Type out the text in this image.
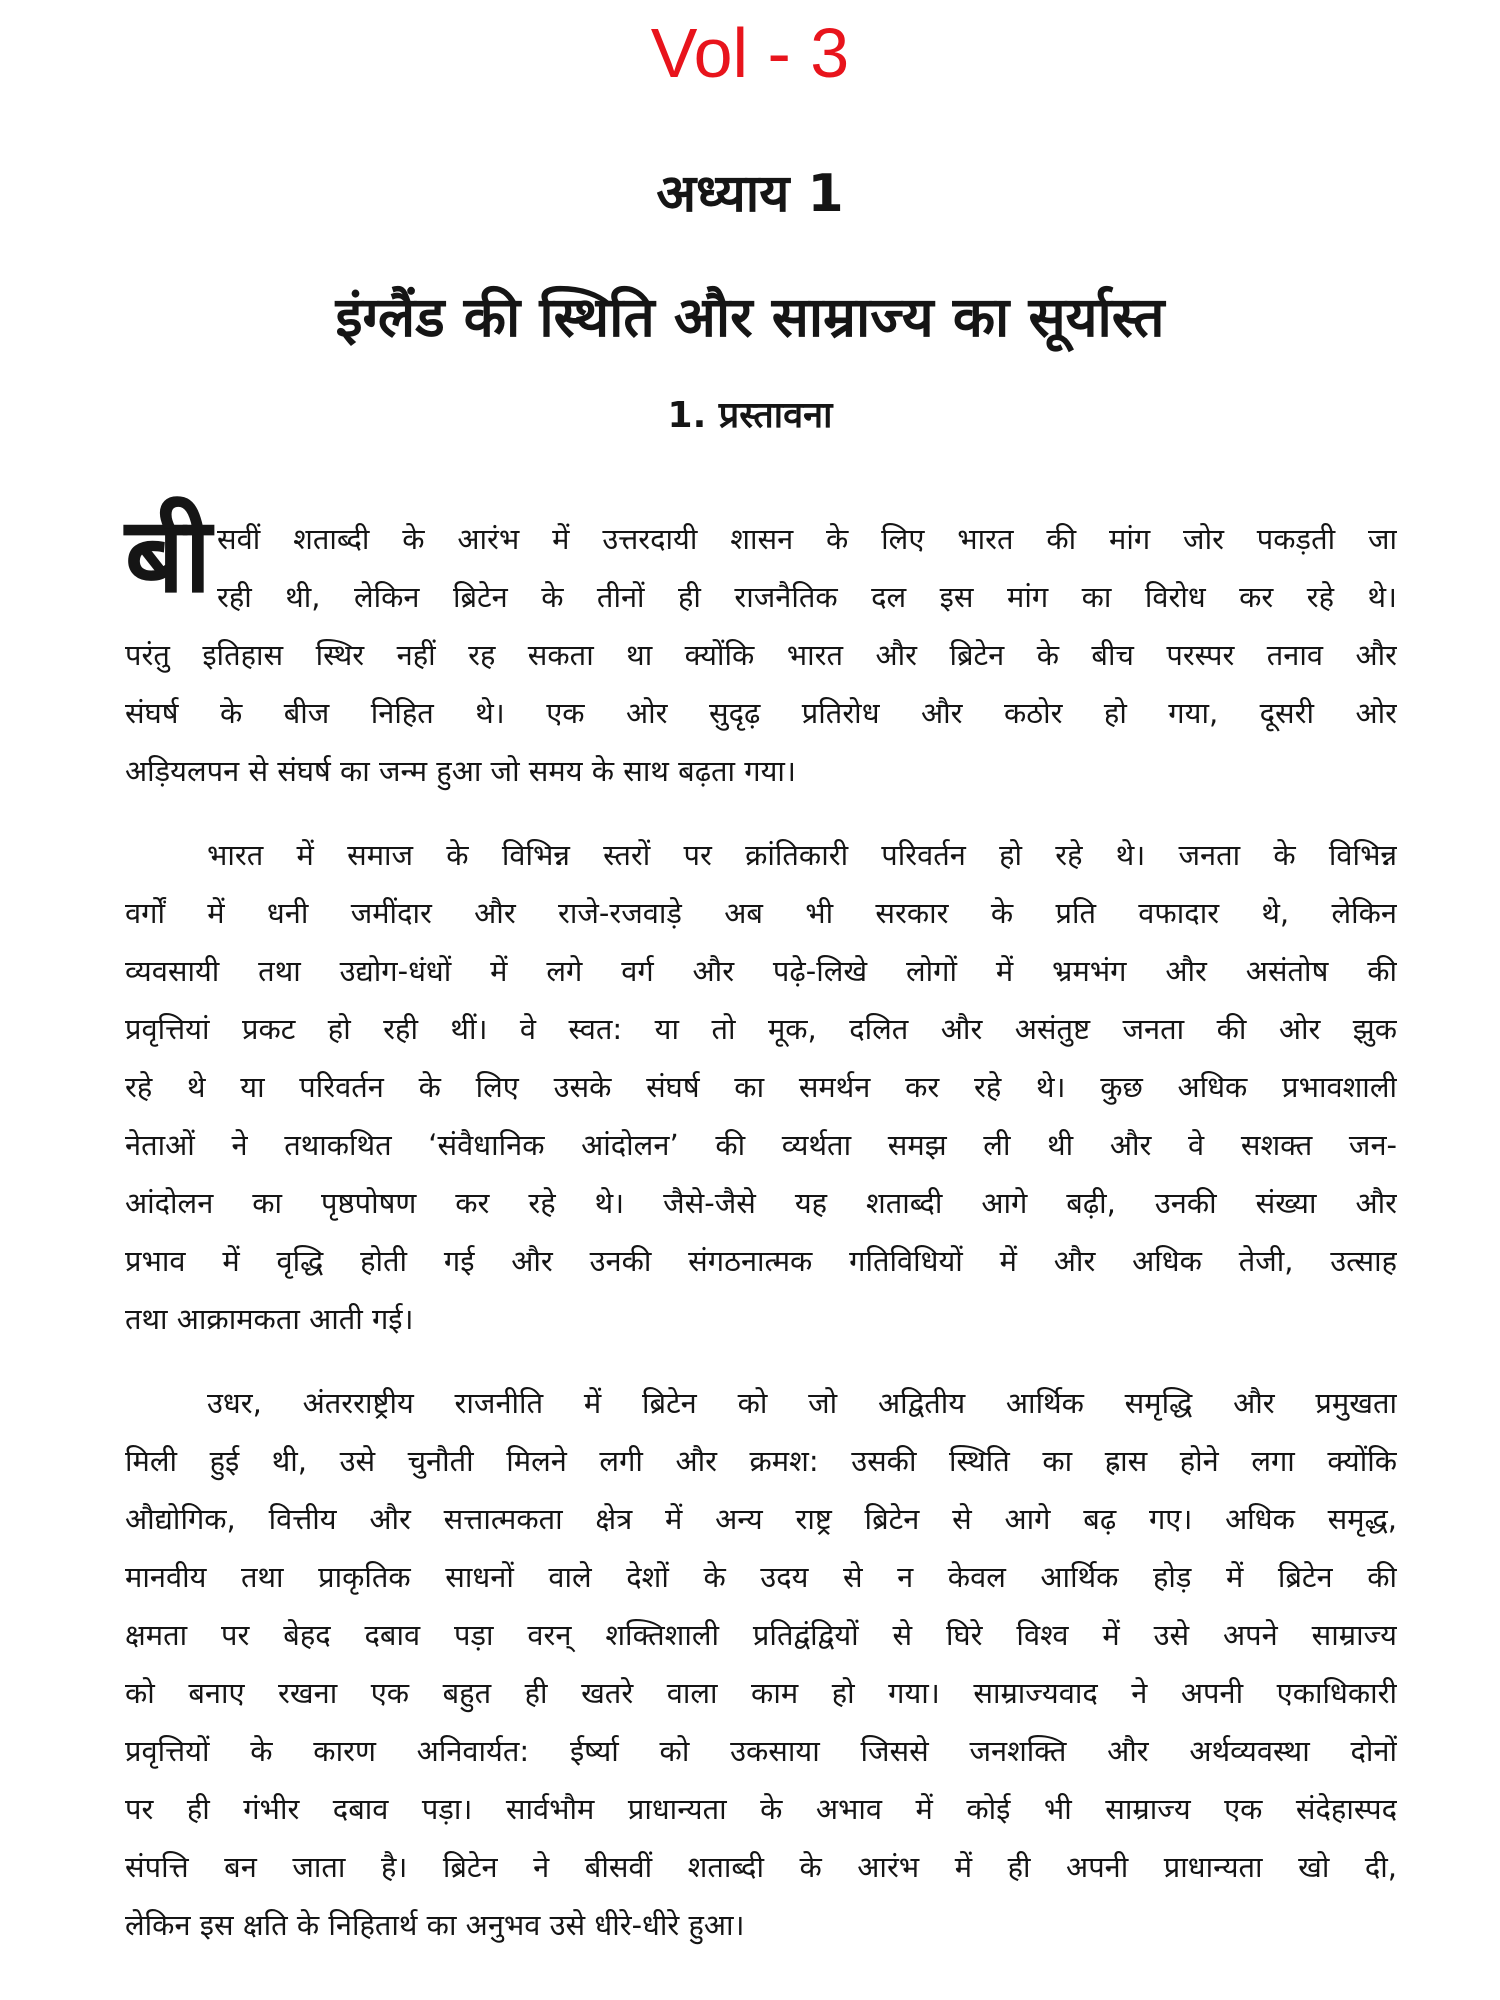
Vol - 3
अध्याय 1
इंग्लैंड की स्थिति और साम्राज्य का सूर्यास्त
1. प्रस्तावना
बी सवीं शताब्दी के आरंभ में उत्तरदायी शासन के लिए भारत की मांग जोर पकड़ती जा
रही थी, लेकिन ब्रिटेन के तीनों ही राजनैतिक दल इस मांग का विरोध कर रहे थे।
परंतु इतिहास स्थिर नहीं रह सकता था क्योंकि भारत और ब्रिटेन के बीच परस्पर तनाव और
संघर्ष के बीज निहित थे। एक ओर सुदृढ़ प्रतिरोध और कठोर हो गया, दूसरी ओर
अड़ियलपन से संघर्ष का जन्म हुआ जो समय के साथ बढ़ता गया।
भारत में समाज के विभिन्न स्तरों पर क्रांतिकारी परिवर्तन हो रहे थे। जनता के विभिन्न
वर्गों में धनी जमींदार और राजे-रजवाड़े अब भी सरकार के प्रति वफादार थे, लेकिन
व्यवसायी तथा उद्योग-धंधों में लगे वर्ग और पढ़े-लिखे लोगों में भ्रमभंग और असंतोष की
प्रवृत्तियां प्रकट हो रही थीं। वे स्वत: या तो मूक, दलित और असंतुष्ट जनता की ओर झुक
रहे थे या परिवर्तन के लिए उसके संघर्ष का समर्थन कर रहे थे। कुछ अधिक प्रभावशाली
नेताओं ने तथाकथित ‘संवैधानिक आंदोलन’ की व्यर्थता समझ ली थी और वे सशक्त जन-
आंदोलन का पृष्ठपोषण कर रहे थे। जैसे-जैसे यह शताब्दी आगे बढ़ी, उनकी संख्या और
प्रभाव में वृद्धि होती गई और उनकी संगठनात्मक गतिविधियों में और अधिक तेजी, उत्साह
तथा आक्रामकता आती गई।
उधर, अंतरराष्ट्रीय राजनीति में ब्रिटेन को जो अद्वितीय आर्थिक समृद्धि और प्रमुखता
मिली हुई थी, उसे चुनौती मिलने लगी और क्रमश: उसकी स्थिति का ह्रास होने लगा क्योंकि
औद्योगिक, वित्तीय और सत्तात्मकता क्षेत्र में अन्य राष्ट्र ब्रिटेन से आगे बढ़ गए। अधिक समृद्ध,
मानवीय तथा प्राकृतिक साधनों वाले देशों के उदय से न केवल आर्थिक होड़ में ब्रिटेन की
क्षमता पर बेहद दबाव पड़ा वरन् शक्तिशाली प्रतिद्वंद्वियों से घिरे विश्व में उसे अपने साम्राज्य
को बनाए रखना एक बहुत ही खतरे वाला काम हो गया। साम्राज्यवाद ने अपनी एकाधिकारी
प्रवृत्तियों के कारण अनिवार्यत: ईर्ष्या को उकसाया जिससे जनशक्ति और अर्थव्यवस्था दोनों
पर ही गंभीर दबाव पड़ा। सार्वभौम प्राधान्यता के अभाव में कोई भी साम्राज्य एक संदेहास्पद
संपत्ति बन जाता है। ब्रिटेन ने बीसवीं शताब्दी के आरंभ में ही अपनी प्राधान्यता खो दी,
लेकिन इस क्षति के निहितार्थ का अनुभव उसे धीरे-धीरे हुआ।
